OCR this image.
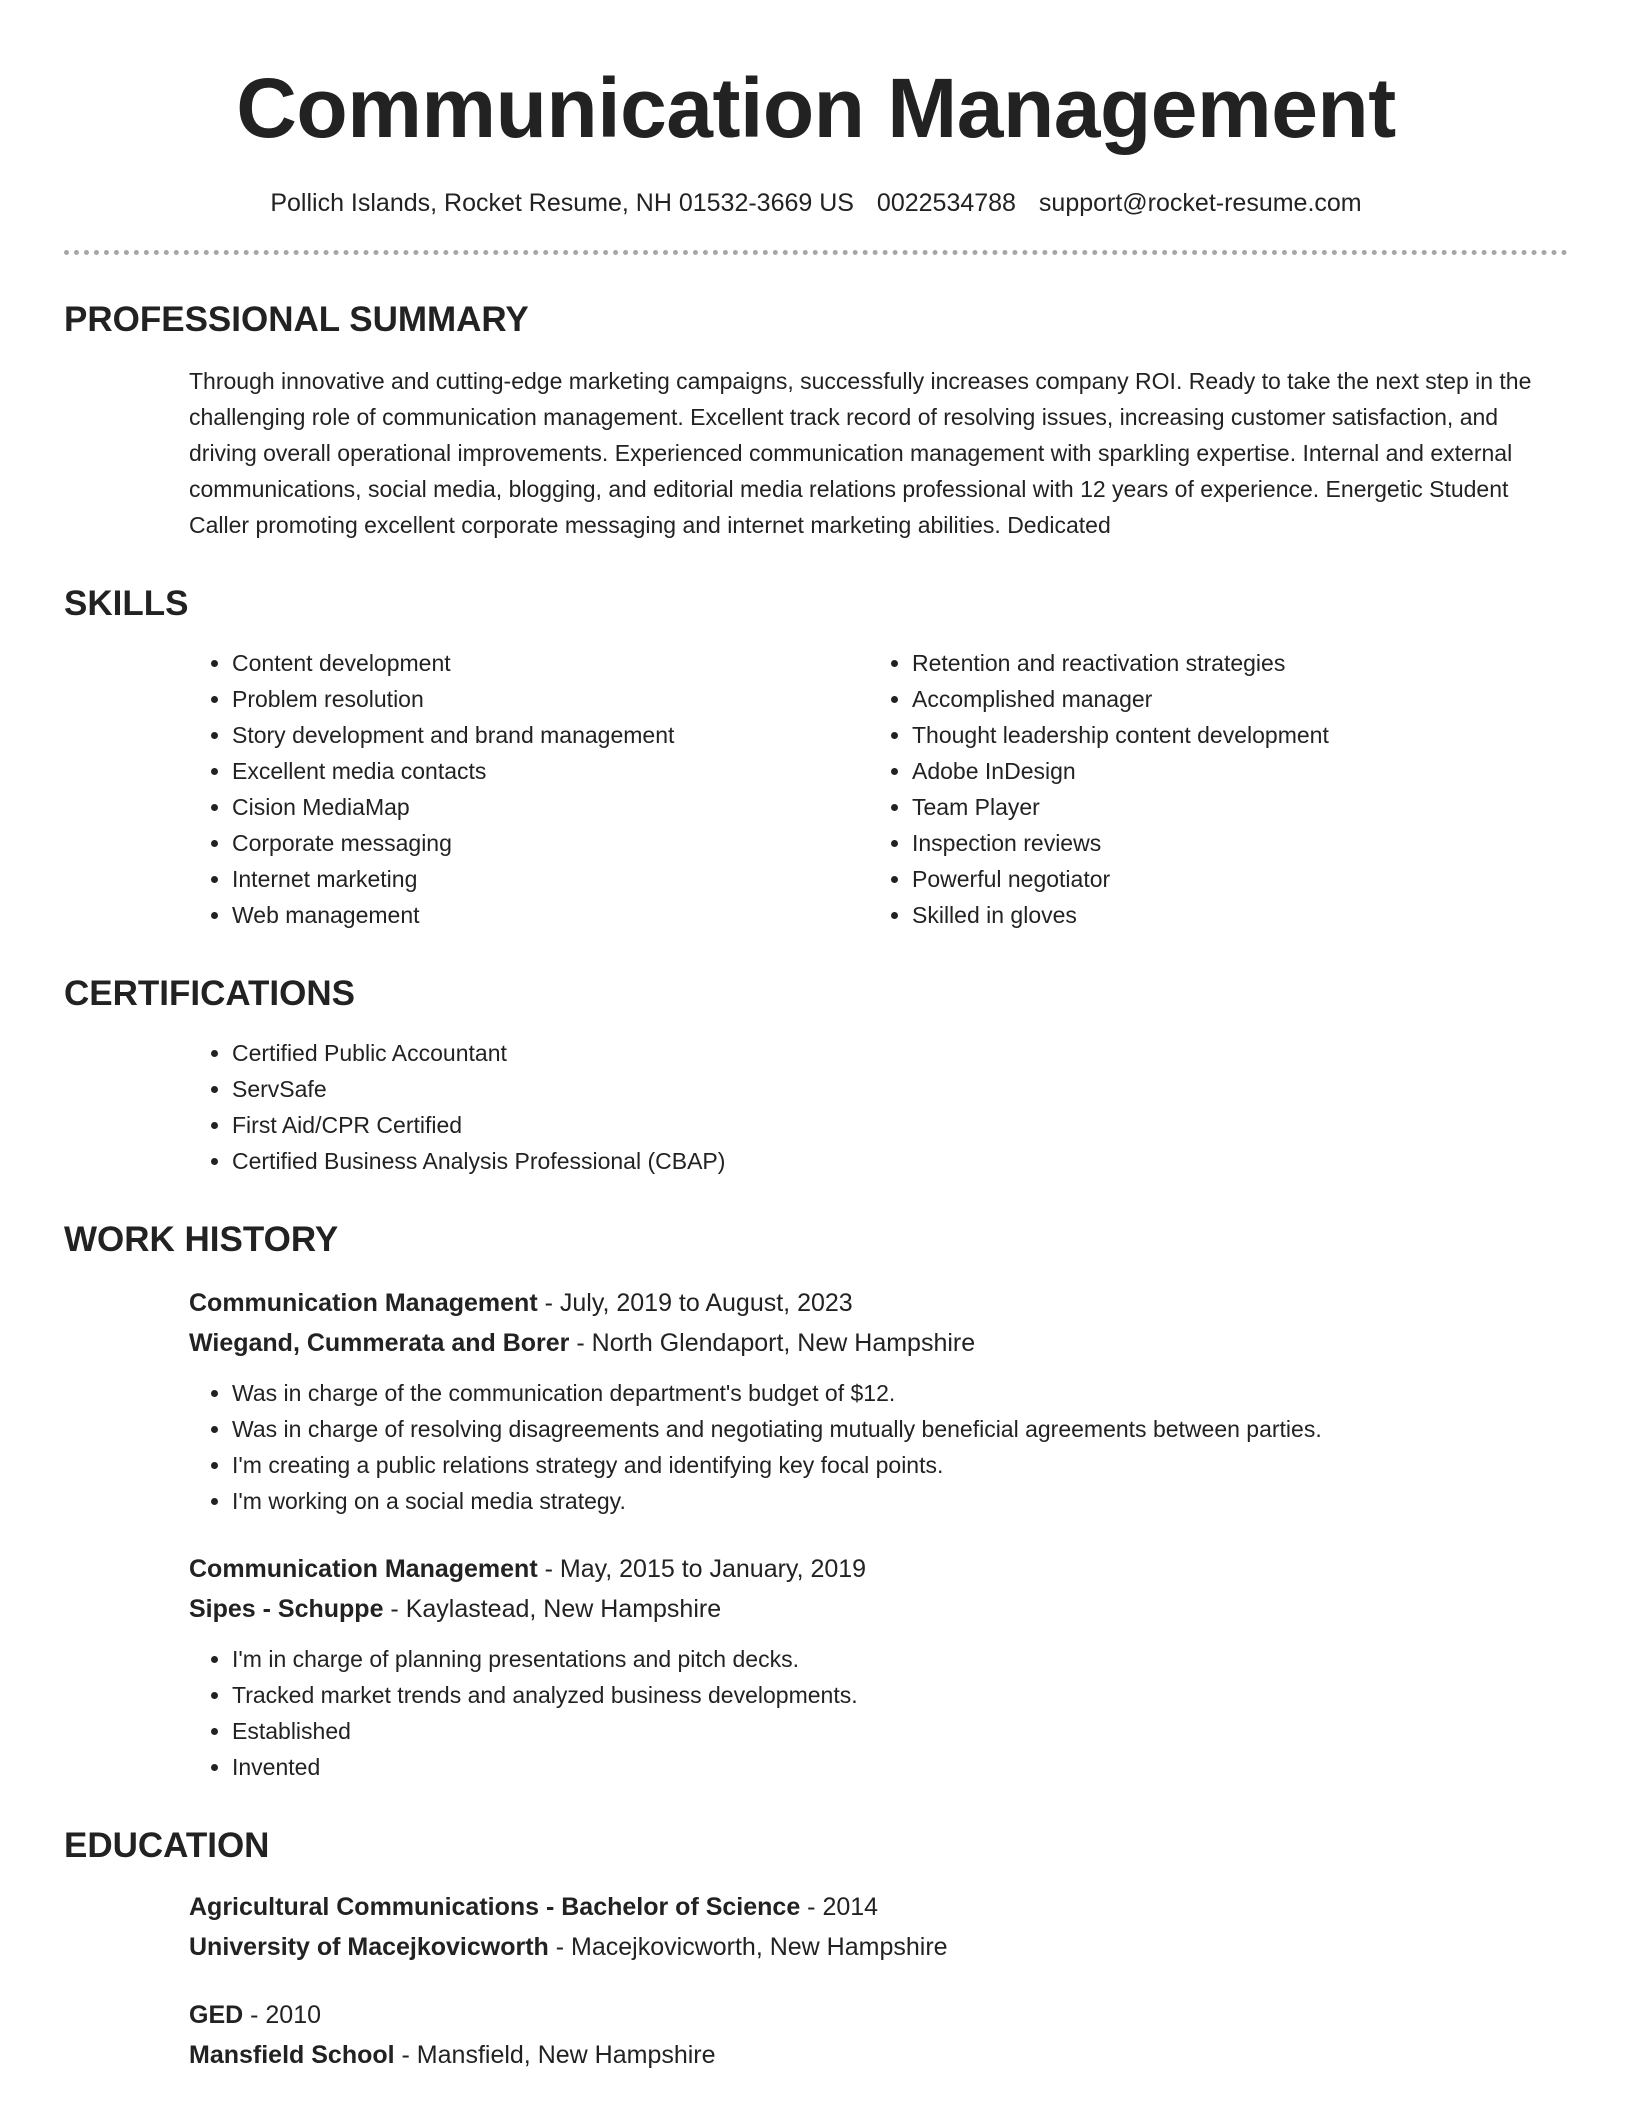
Communication Management
Pollich Islands, Rocket Resume, NH 01532-3669 US 0022534788 support@rocket-resume.com
PROFESSIONAL SUMMARY
Through innovative and cutting-edge marketing campaigns, successfully increases company ROI. Ready to take the next step in the challenging role of communication management. Excellent track record of resolving issues, increasing customer satisfaction, and driving overall operational improvements. Experienced communication management with sparkling expertise. Internal and external communications, social media, blogging, and editorial media relations professional with 12 years of experience. Energetic Student Caller promoting excellent corporate messaging and internet marketing abilities. Dedicated
SKILLS
• Content development
• Problem resolution
• Story development and brand management
• Excellent media contacts
• Cision MediaMap
• Corporate messaging
• Internet marketing
• Web management
• Retention and reactivation strategies
• Accomplished manager
• Thought leadership content development
• Adobe InDesign
• Team Player
• Inspection reviews
• Powerful negotiator
• Skilled in gloves
CERTIFICATIONS
• Certified Public Accountant
• ServSafe
• First Aid/CPR Certified
• Certified Business Analysis Professional (CBAP)
WORK HISTORY
Communication Management - July, 2019 to August, 2023
Wiegand, Cummerata and Borer - North Glendaport, New Hampshire
• Was in charge of the communication department's budget of $12.
• Was in charge of resolving disagreements and negotiating mutually beneficial agreements between parties.
• I'm creating a public relations strategy and identifying key focal points.
• I'm working on a social media strategy.
Communication Management - May, 2015 to January, 2019
Sipes - Schuppe - Kaylastead, New Hampshire
• I'm in charge of planning presentations and pitch decks.
• Tracked market trends and analyzed business developments.
• Established
• Invented
EDUCATION
Agricultural Communications - Bachelor of Science - 2014
University of Macejkovicworth - Macejkovicworth, New Hampshire
GED - 2010
Mansfield School - Mansfield, New Hampshire
